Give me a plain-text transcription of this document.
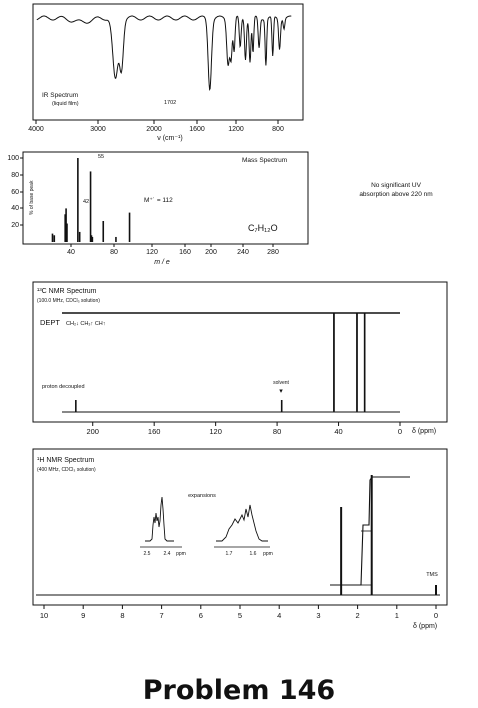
IR Spectrum
(liquid film)	1702
4000	3000	2000	1600	1200	800
ν (cm⁻¹)
100
80
60
40
20
% of base peak
55
42	M⁺˙ = 112
Mass Spectrum
C₇H₁₂O
40	80	120	160 200	240	280
m / e
No significant UV
absorption above 220 nm
¹³C NMR Spectrum
(100.0 MHz, CDCl₃ solution)
DEPT CH₂↓ CH₃↑ CH↑
proton decoupled
solvent
▾
δ (ppm)
200	160	120	80	40	0
¹H NMR Spectrum
(400 MHz, CDCl₃ solution)
expansions
2.5	2.4 ppm	1.7	1.6 ppm
TMS
δ (ppm)
10	9	8	7	6	5	4	3	2	1	0
Problem 146
